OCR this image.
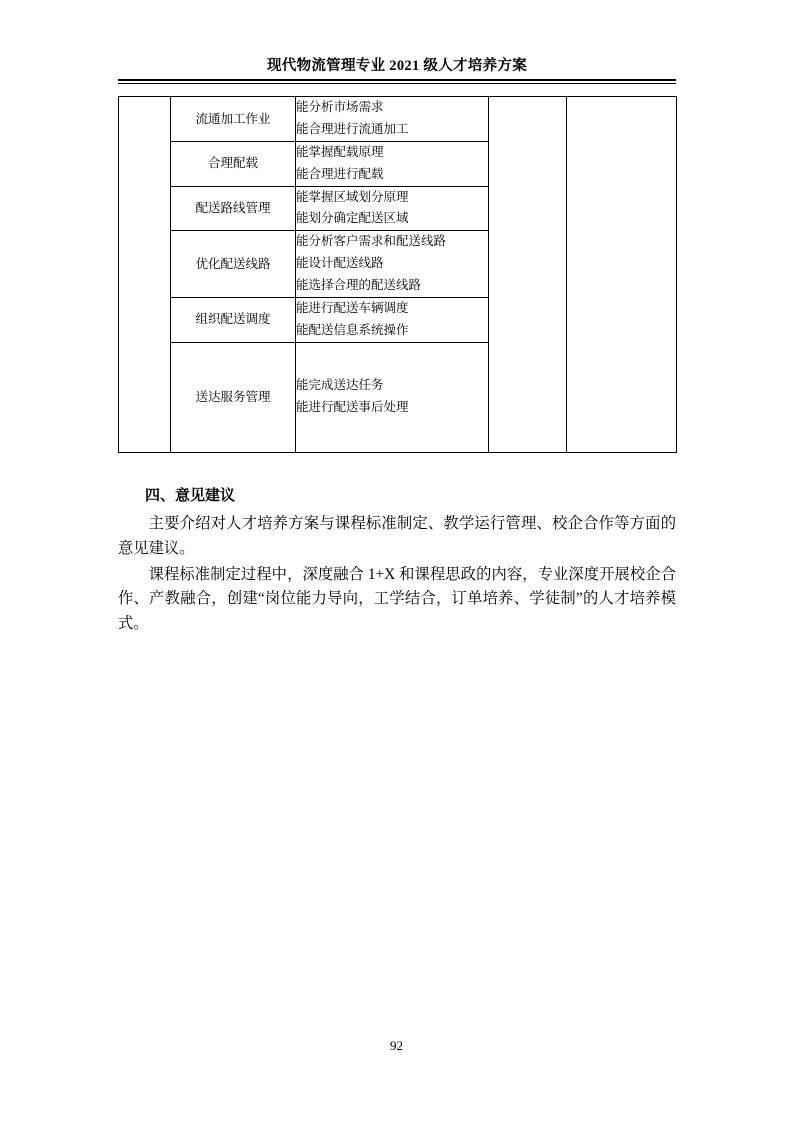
现代物流管理专业 2021 级人才培养方案
	流通加工作业	能分析市场需求
能合理进行流通加工		

	合理配载	能掌握配载原理
能合理进行配载		

	配送路线管理	能掌握区域划分原理
能划分确定配送区域		

	优化配送线路	能分析客户需求和配送线路
能设计配送线路
能选择合理的配送线路		

	组织配送调度	能进行配送车辆调度
能配送信息系统操作		

	送达服务管理	能完成送达任务
能进行配送事后处理		
四、意见建议

主要介绍对人才培养方案与课程标准制定、教学运行管理、校企合作等方面的意见建议。

课程标准制定过程中，深度融合 1+X 和课程思政的内容，专业深度开展校企合作、产教融合，创建“岗位能力导向，工学结合，订单培养、学徒制”的人才培养模式。

92
